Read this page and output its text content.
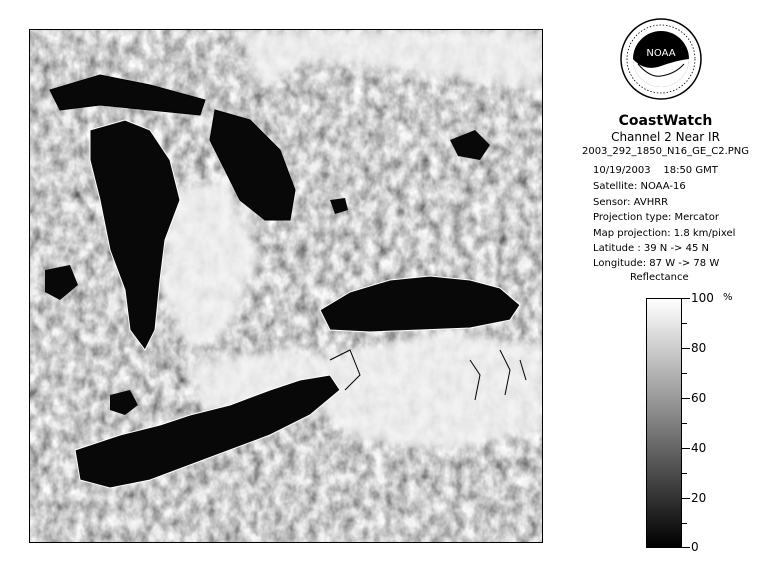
NOAA
CoastWatch
Channel 2 Near IR
2003_292_1850_N16_GE_C2.PNG
10/19/2003    18:50 GMT
Satellite: NOAA-16
Sensor: AVHRR
Projection type: Mercator
Map projection: 1.8 km/pixel
Latitude : 39 N -> 45 N
Longitude: 87 W -> 78 W
Reflectance
%
100
80
60
40
20
0
